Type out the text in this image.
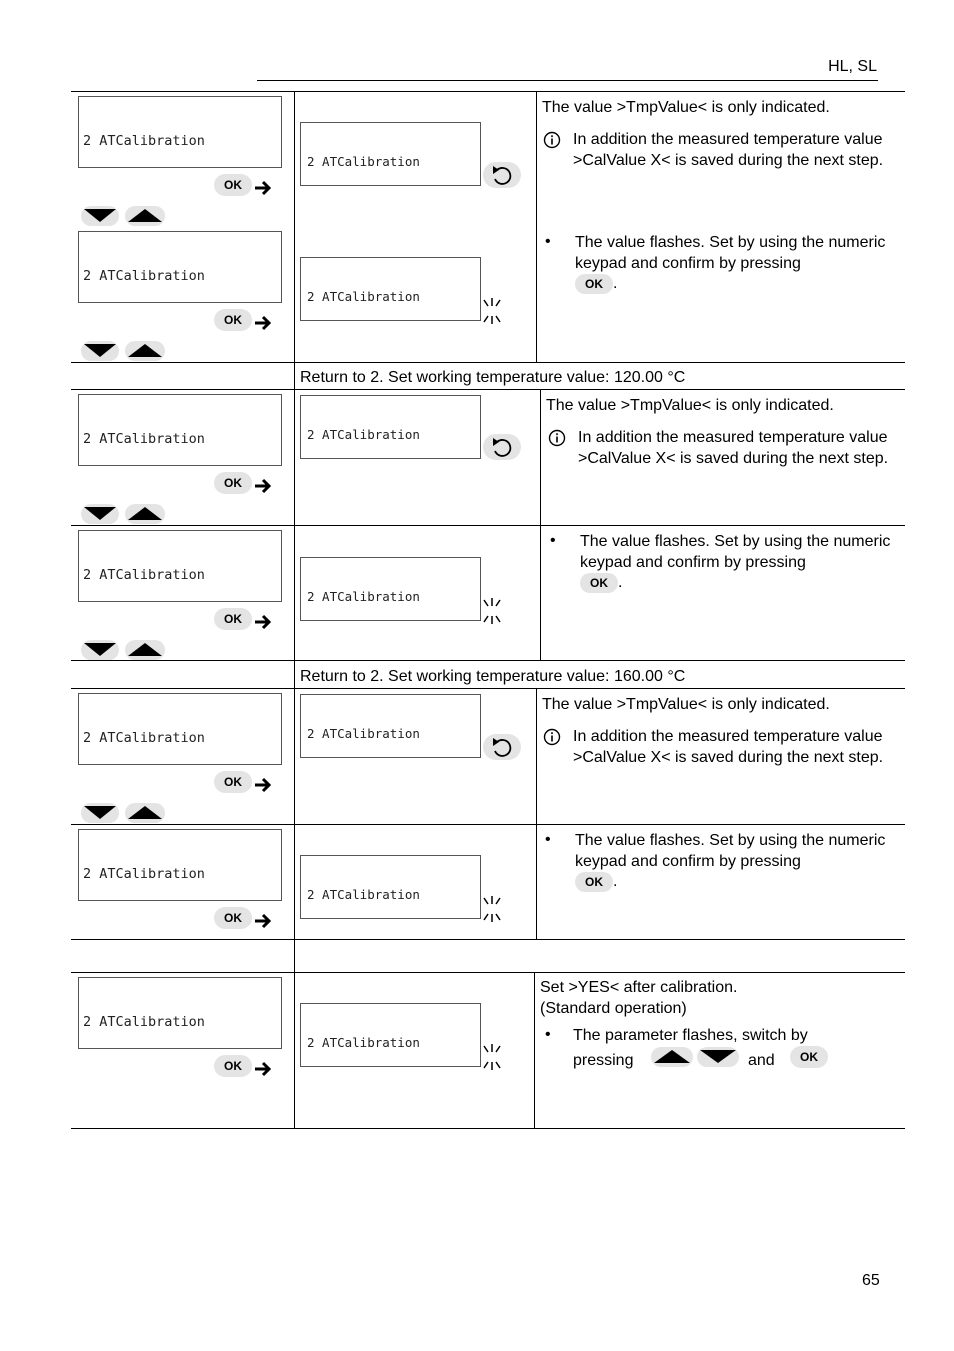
HL, SL

2 ATCalibration

OK

2 ATCalibration

OK

2 ATCalibration

2 ATCalibration

The value >TmpValue< is only indicated.
In addition the measured temperature value >CalValue X< is saved during the next step.
• The value flashes. Set by using the numeric keypad and confirm by pressing
OK .
Return to 2. Set working temperature value: 120.00 °C

2 ATCalibration

OK

2 ATCalibration

The value >TmpValue< is only indicated.
In addition the measured temperature value >CalValue X< is saved during the next step.

2 ATCalibration

OK

2 ATCalibration

• The value flashes. Set by using the numeric keypad and confirm by pressing
OK .
Return to 2. Set working temperature value: 160.00 °C

2 ATCalibration

OK

2 ATCalibration

The value >TmpValue< is only indicated.
In addition the measured temperature value >CalValue X< is saved during the next step.

2 ATCalibration

OK

2 ATCalibration

• The value flashes. Set by using the numeric keypad and confirm by pressing
OK .

2 ATCalibration

OK

2 ATCalibration

Set >YES< after calibration.
(Standard operation)
• The parameter flashes, switch by
pressing	and	OK
65
